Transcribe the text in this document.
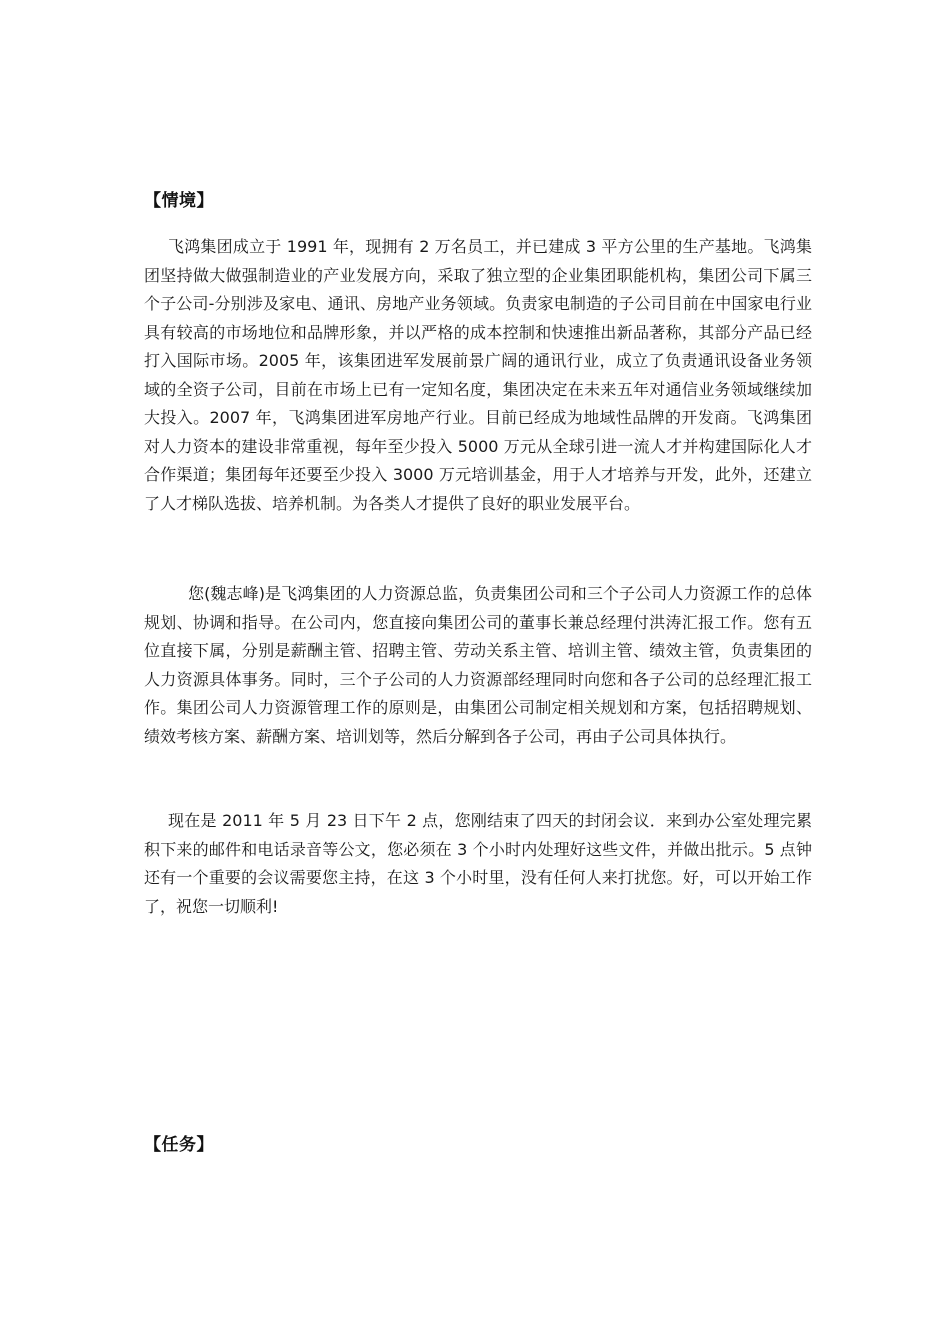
【情境】

飞鸿集团成立于 1991 年，现拥有 2 万名员工，并已建成 3 平方公里的生产基地。飞鸿集团坚持做大做强制造业的产业发展方向，采取了独立型的企业集团职能机构，集团公司下属三个子公司-分别涉及家电、通讯、房地产业务领域。负责家电制造的子公司目前在中国家电行业具有较高的市场地位和品牌形象，并以严格的成本控制和快速推出新品著称，其部分产品已经打入国际市场。2005 年，该集团进军发展前景广阔的通讯行业，成立了负责通讯设备业务领域的全资子公司，目前在市场上已有一定知名度，集团决定在未来五年对通信业务领域继续加大投入。2007 年，飞鸿集团进军房地产行业。目前已经成为地域性品牌的开发商。飞鸿集团对人力资本的建设非常重视，每年至少投入 5000 万元从全球引进一流人才并构建国际化人才合作渠道；集团每年还要至少投入 3000 万元培训基金，用于人才培养与开发，此外，还建立了人才梯队选拔、培养机制。为各类人才提供了良好的职业发展平台。

您(魏志峰)是飞鸿集团的人力资源总监，负责集团公司和三个子公司人力资源工作的总体规划、协调和指导。在公司内，您直接向集团公司的董事长兼总经理付洪涛汇报工作。您有五位直接下属，分别是薪酬主管、招聘主管、劳动关系主管、培训主管、绩效主管，负责集团的人力资源具体事务。同时，三个子公司的人力资源部经理同时向您和各子公司的总经理汇报工作。集团公司人力资源管理工作的原则是，由集团公司制定相关规划和方案，包括招聘规划、绩效考核方案、薪酬方案、培训划等，然后分解到各子公司，再由子公司具体执行。

现在是 2011 年 5 月 23 日下午 2 点，您刚结束了四天的封闭会议．来到办公室处理完累积下来的邮件和电话录音等公文，您必须在 3 个小时内处理好这些文件，并做出批示。5 点钟还有一个重要的会议需要您主持，在这 3 个小时里，没有任何人来打扰您。好，可以开始工作了，祝您一切顺利!

【任务】
